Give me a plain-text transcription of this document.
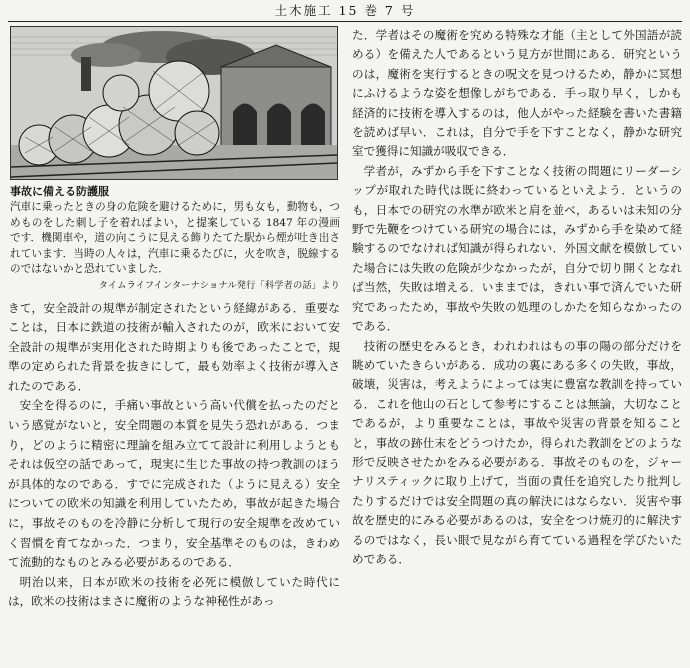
土木施工 15 巻 7 号
事故に備える防護服

汽車に乗ったときの身の危険を避けるために，男も女も，動物も，つめものをした刺し子を着ればよい，と提案している 1847 年の漫画です．機関車や，道の向こうに見える飾りたてた駅から煙が吐き出されています．当時の人々は，汽車に乗るたびに，火を吹き，脱線するのではないかと恐れていました．

タイムライフインターナショナル発行「科学者の話」より

きて，安全設計の規準が制定されたという経緯がある．重要なことは，日本に鉄道の技術が輸入されたのが，欧米において安全設計の規準が実用化された時期よりも後であったことで，規準の定められた背景を抜きにして，最も効率よく技術が導入されたのである．

安全を得るのに，手痛い事故という高い代償を払ったのだという感覚がないと，安全問題の本質を見失う恐れがある．つまり，どのように精密に理論を組み立てて設計に利用しようともそれは仮空の話であって，現実に生じた事故の持つ教訓のほうが具体的なのである．すでに完成された（ように見える）安全についての欧米の知識を利用していたため，事故が起きた場合に，事故そのものを冷静に分析して現行の安全規準を改めていく習慣を育てなかった．つまり，安全基準そのものは，きわめて流動的なものとみる必要があるのである．

明治以来，日本が欧米の技術を必死に模倣していた時代には，欧米の技術はまさに魔術のような神秘性があっ

た．学者はその魔術を究める特殊な才能（主として外国語が読める）を備えた人であるという見方が世間にある．研究というのは，魔術を実行するときの呪文を見つけるため，静かに冥想にふけるような姿を想像しがちである．手っ取り早く，しかも経済的に技術を導入するのは，他人がやった経験を書いた書籍を読めば早い．これは，自分で手を下すことなく，静かな研究室で獲得に知識が吸収できる．

学者が，みずから手を下すことなく技術の問題にリーダーシップが取れた時代は既に終わっているといえよう．というのも，日本での研究の水準が欧米と肩を並べ，あるいは未知の分野で先鞭をつけている研究の場合には，みずから手を染めて経験するのでなければ知識が得られない．外国文献を模倣していた場合には失敗の危険が少なかったが，自分で切り開くとなれば当然，失敗は増える．いままでは，きれい事で済んでいた研究であったため，事故や失敗の処理のしかたを知らなかったのである．

技術の歴史をみるとき，われわれはもの事の陽の部分だけを眺めていたきらいがある．成功の裏にある多くの失敗，事故，破壊，災害は，考えようによっては実に豊富な教訓を持っている．これを他山の石として参考にすることは無論，大切なことであるが，より重要なことは，事故や災害の背景を知ることと，事故の跡仕末をどうつけたか，得られた教訓をどのような形で反映させたかをみる必要がある．事故そのものを，ジャーナリスティックに取り上げて，当面の責任を追究したり批判したりするだけでは安全問題の真の解決にはならない．災害や事故を歴史的にみる必要があるのは，安全をつけ焼刃的に解決するのではなく，長い眼で見ながら育てている過程を学びたいためである．
